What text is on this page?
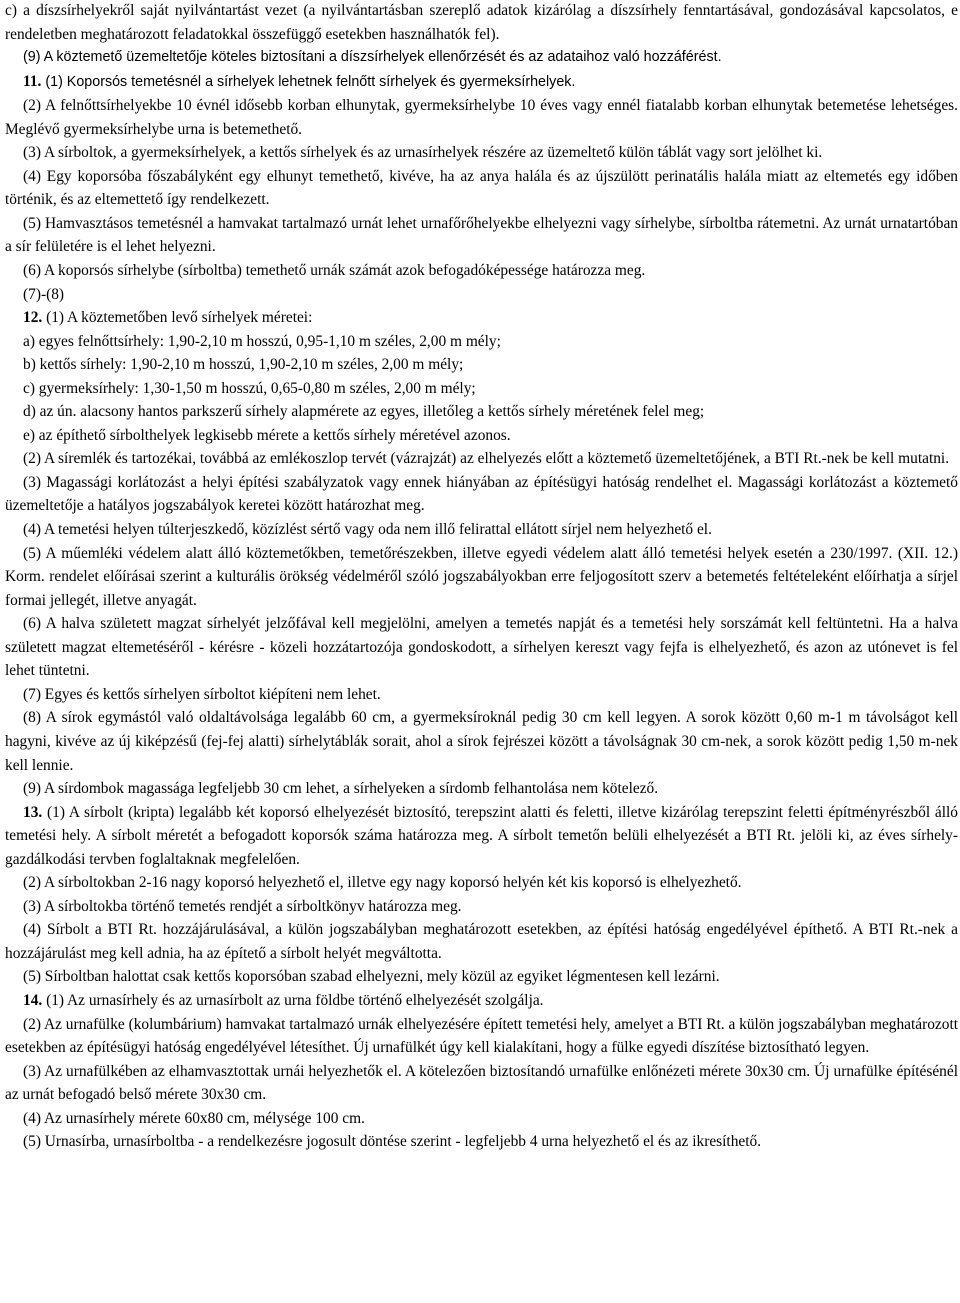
c) a díszsírhelyekről saját nyilvántartást vezet (a nyilvántartásban szereplő adatok kizárólag a díszsírhely fenntartásával, gondozásával kapcsolatos, e rendeletben meghatározott feladatokkal összefüggő esetekben használhatók fel).

(9) A köztemető üzemeltetője köteles biztosítani a díszsírhelyek ellenőrzését és az adataihoz való hozzáférést.

11. (1) Koporsós temetésnél a sírhelyek lehetnek felnőtt sírhelyek és gyermeksírhelyek.

(2) A felnőttsírhelyekbe 10 évnél idősebb korban elhunytak, gyermeksírhelybe 10 éves vagy ennél fiatalabb korban elhunytak betemetése lehetséges. Meglévő gyermeksírhelybe urna is betemethető.

(3) A sírboltok, a gyermeksírhelyek, a kettős sírhelyek és az urnasírhelyek részére az üzemeltető külön táblát vagy sort jelölhet ki.

(4) Egy koporsóba főszabályként egy elhunyt temethető, kivéve, ha az anya halála és az újszülött perinatális halála miatt az eltemetés egy időben történik, és az eltemettető így rendelkezett.

(5) Hamvasztásos temetésnél a hamvakat tartalmazó urnát lehet urnafőrőhelyekbe elhelyezni vagy sírhelybe, sírboltba rátemetni. Az urnát urnatartóban a sír felületére is el lehet helyezni.

(6) A koporsós sírhelybe (sírboltba) temethető urnák számát azok befogadóképessége határozza meg.

(7)-(8)

12. (1) A köztemetőben levő sírhelyek méretei:

a) egyes felnőttsírhely: 1,90-2,10 m hosszú, 0,95-1,10 m széles, 2,00 m mély;

b) kettős sírhely: 1,90-2,10 m hosszú, 1,90-2,10 m széles, 2,00 m mély;

c) gyermeksírhely: 1,30-1,50 m hosszú, 0,65-0,80 m széles, 2,00 m mély;

d) az ún. alacsony hantos parkszerű sírhely alapmérete az egyes, illetőleg a kettős sírhely méretének felel meg;

e) az építhető sírbolthelyek legkisebb mérete a kettős sírhely méretével azonos.

(2) A síremlék és tartozékai, továbbá az emlékoszlop tervét (vázrajzát) az elhelyezés előtt a köztemető üzemeltetőjének, a BTI Rt.-nek be kell mutatni.

(3) Magassági korlátozást a helyi építési szabályzatok vagy ennek hiányában az építésügyi hatóság rendelhet el. Magassági korlátozást a köztemető üzemeltetője a hatályos jogszabályok keretei között határozhat meg.

(4) A temetési helyen túlterjeszkedő, közízlést sértő vagy oda nem illő felirattal ellátott sírjel nem helyezhető el.

(5) A műemléki védelem alatt álló köztemetőkben, temetőrészekben, illetve egyedi védelem alatt álló temetési helyek esetén a 230/1997. (XII. 12.) Korm. rendelet előírásai szerint a kulturális örökség védelméről szóló jogszabályokban erre feljogosított szerv a betemetés feltételeként előírhatja a sírjel formai jellegét, illetve anyagát.

(6) A halva született magzat sírhelyét jelzőfával kell megjelölni, amelyen a temetés napját és a temetési hely sorszámát kell feltüntetni. Ha a halva született magzat eltemetéséről - kérésre - közeli hozzátartozója gondoskodott, a sírhelyen kereszt vagy fejfa is elhelyezhető, és azon az utónevet is fel lehet tüntetni.

(7) Egyes és kettős sírhelyen sírboltot kiépíteni nem lehet.

(8) A sírok egymástól való oldaltávolsága legalább 60 cm, a gyermeksíroknál pedig 30 cm kell legyen. A sorok között 0,60 m-1 m távolságot kell hagyni, kivéve az új kiképzésű (fej-fej alatti) sírhelytáblák sorait, ahol a sírok fejrészei között a távolságnak 30 cm-nek, a sorok között pedig 1,50 m-nek kell lennie.

(9) A sírdombok magassága legfeljebb 30 cm lehet, a sírhelyeken a sírdomb felhantolása nem kötelező.

13. (1) A sírbolt (kripta) legalább két koporsó elhelyezését biztosító, terepszint alatti és feletti, illetve kizárólag terepszint feletti építményrészből álló temetési hely. A sírbolt méretét a befogadott koporsók száma határozza meg. A sírbolt temetőn belüli elhelyezését a BTI Rt. jelöli ki, az éves sírhely-gazdálkodási tervben foglaltaknak megfelelően.

(2) A sírboltokban 2-16 nagy koporsó helyezhető el, illetve egy nagy koporsó helyén két kis koporsó is elhelyezhető.

(3) A sírboltokba történő temetés rendjét a sírboltkönyv határozza meg.

(4) Sírbolt a BTI Rt. hozzájárulásával, a külön jogszabályban meghatározott esetekben, az építési hatóság engedélyével építhető. A BTI Rt.-nek a hozzájárulást meg kell adnia, ha az építető a sírbolt helyét megváltotta.

(5) Sírboltban halottat csak kettős koporsóban szabad elhelyezni, mely közül az egyiket légmentesen kell lezárni.

14. (1) Az urnasírhely és az urnasírbolt az urna földbe történő elhelyezését szolgálja.

(2) Az urnafülke (kolumbárium) hamvakat tartalmazó urnák elhelyezésére épített temetési hely, amelyet a BTI Rt. a külön jogszabályban meghatározott esetekben az építésügyi hatóság engedélyével létesíthet. Új urnafülkét úgy kell kialakítani, hogy a fülke egyedi díszítése biztosítható legyen.

(3) Az urnafülkében az elhamvasztottak urnái helyezhetők el. A kötelezően biztosítandó urnafülke enlőnézeti mérete 30x30 cm. Új urnafülke építésénél az urnát befogadó belső mérete 30x30 cm.

(4) Az urnasírhely mérete 60x80 cm, mélysége 100 cm.

(5) Urnasírba, urnasírboltba - a rendelkezésre jogosult döntése szerint - legfeljebb 4 urna helyezhető el és az ikresíthető.
